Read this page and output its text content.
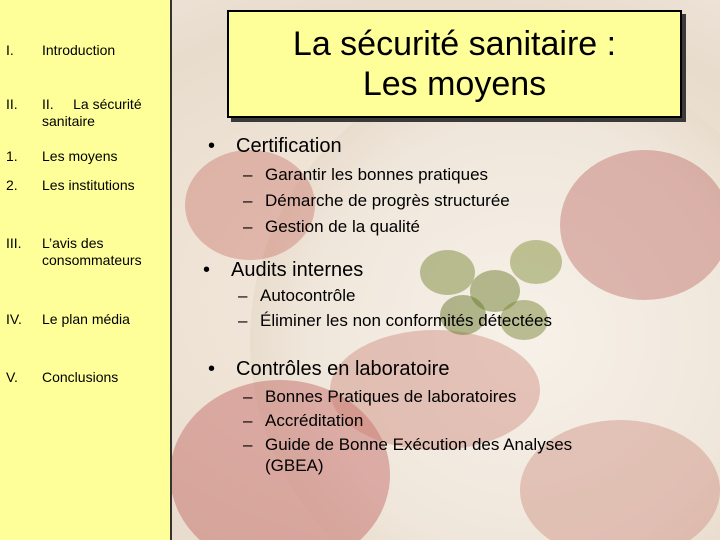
I. Introduction
II. II.     La sécurité sanitaire
1. Les moyens
2. Les institutions
III. L’avis des consommateurs
IV. Le plan média
V. Conclusions
La sécurité sanitaire :
Les moyens
• Certification
– Garantir les bonnes pratiques
– Démarche de progrès structurée
– Gestion de la qualité
• Audits internes
– Autocontrôle
– Éliminer les non conformités détectées
• Contrôles en laboratoire
– Bonnes Pratiques de laboratoires
– Accréditation
– Guide de Bonne Exécution des Analyses
(GBEA)
